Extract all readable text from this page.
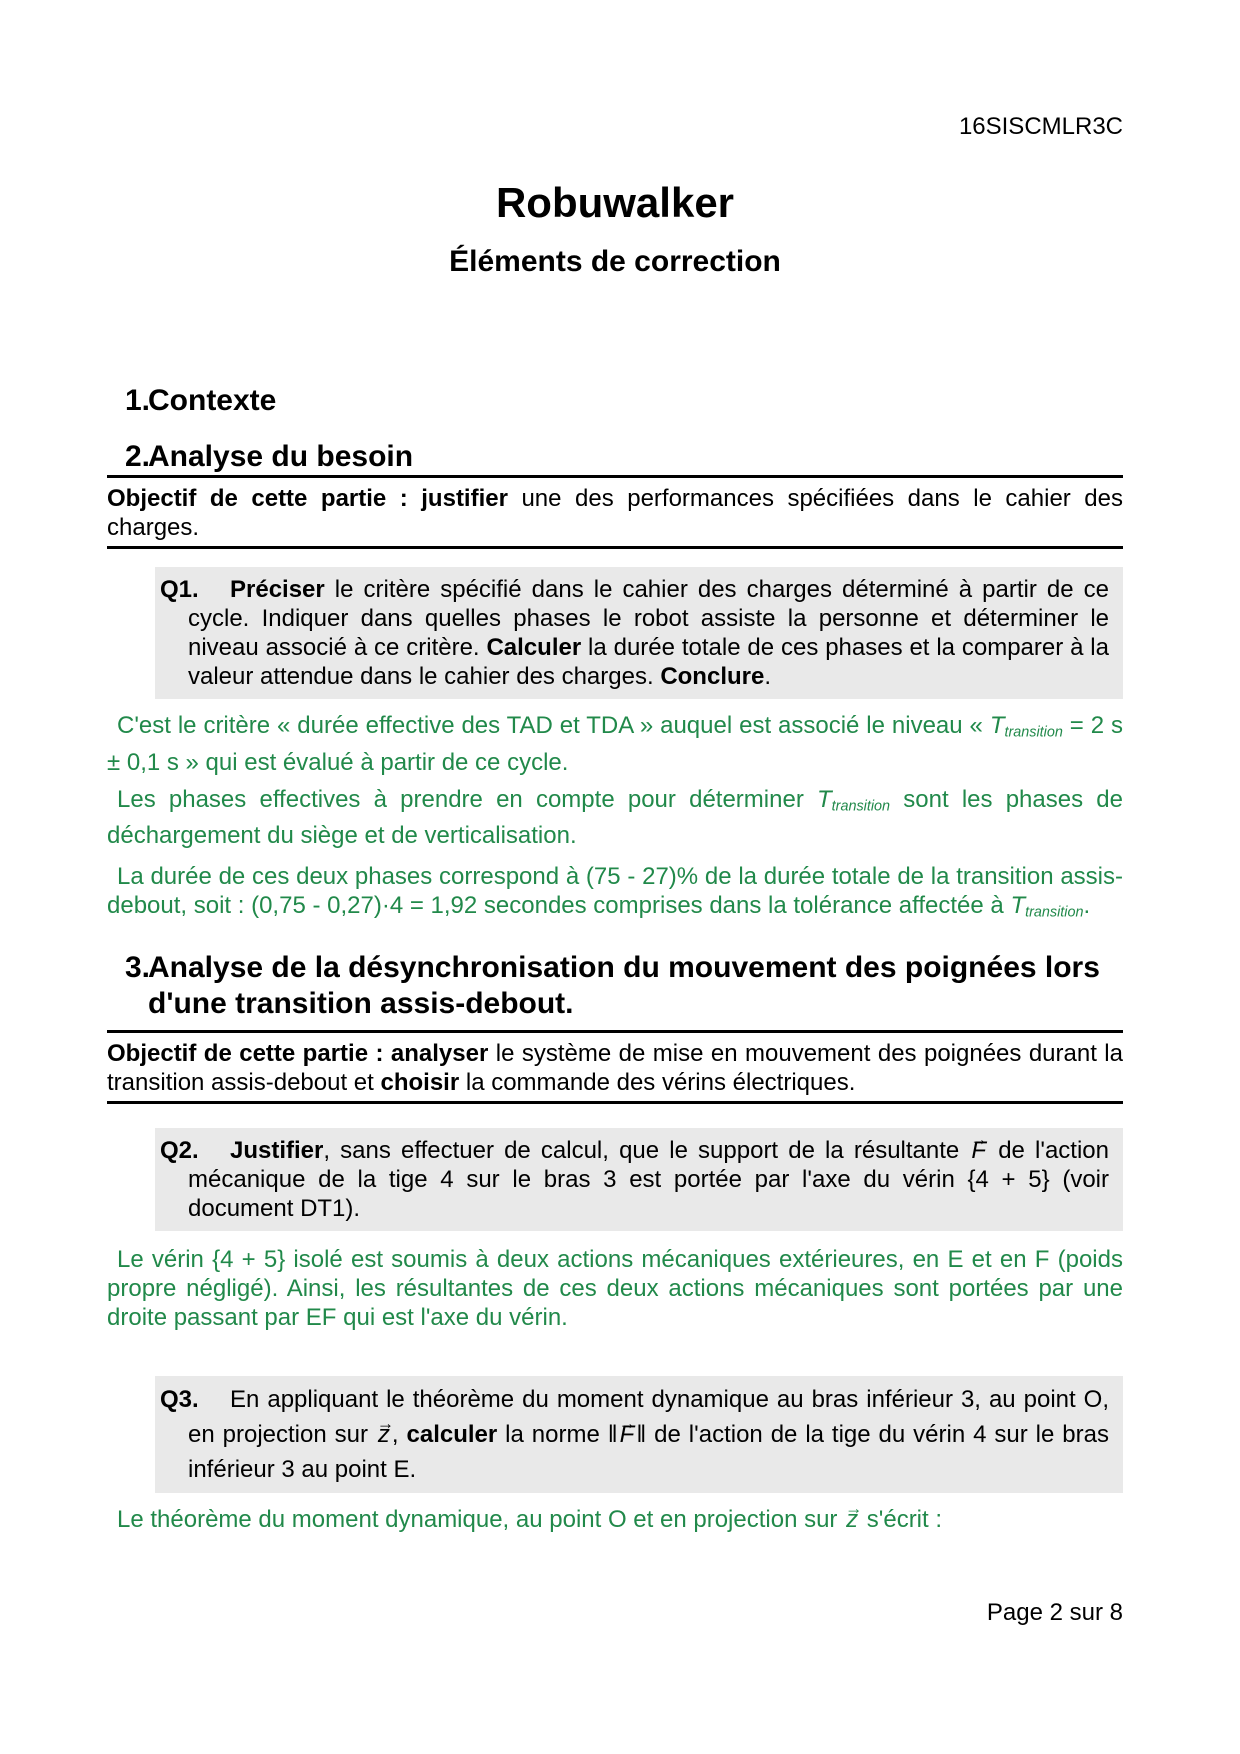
16SISCMLR3C
Robuwalker
Éléments de correction
1.Contexte
2.Analyse du besoin

Objectif de cette partie : justifier une des performances spécifiées dans le cahier des charges.

Q1. Préciser le critère spécifié dans le cahier des charges déterminé à partir de ce cycle. Indiquer dans quelles phases le robot assiste la personne et déterminer le niveau associé à ce critère. Calculer la durée totale de ces phases et la comparer à la valeur attendue dans le cahier des charges. Conclure.

C'est le critère « durée effective des TAD et TDA » auquel est associé le niveau « $T_{transition} = 2$ s ± 0,1 s » qui est évalué à partir de ce cycle.

Les phases effectives à prendre en compte pour déterminer $T_{transition}$ sont les phases de déchargement du siège et de verticalisation.

La durée de ces deux phases correspond à (75 - 27)% de la durée totale de la transition assis-debout, soit : (0,75 - 0,27)·4 = 1,92 secondes comprises dans la tolérance affectée à $T_{transition}$.

3.Analyse de la désynchronisation du mouvement des poignées lors d'une transition assis-debout.

Objectif de cette partie : analyser le système de mise en mouvement des poignées durant la transition assis-debout et choisir la commande des vérins électriques.

Q2. Justifier, sans effectuer de calcul, que le support de la résultante F → de l'action mécanique de la tige 4 sur le bras 3 est portée par l'axe du vérin {4 + 5} (voir document DT1).

Le vérin {4 + 5} isolé est soumis à deux actions mécaniques extérieures, en E et en F (poids propre négligé). Ainsi, les résultantes de ces deux actions mécaniques sont portées par une droite passant par EF qui est l'axe du vérin.

Q3. En appliquant le théorème du moment dynamique au bras inférieur 3, au point O, en projection sur z →, calculer la norme ‖F →‖ de l'action de la tige du vérin 4 sur le bras inférieur 3 au point E.

Le théorème du moment dynamique, au point O et en projection sur z → s'écrit :

Page 2 sur 8
